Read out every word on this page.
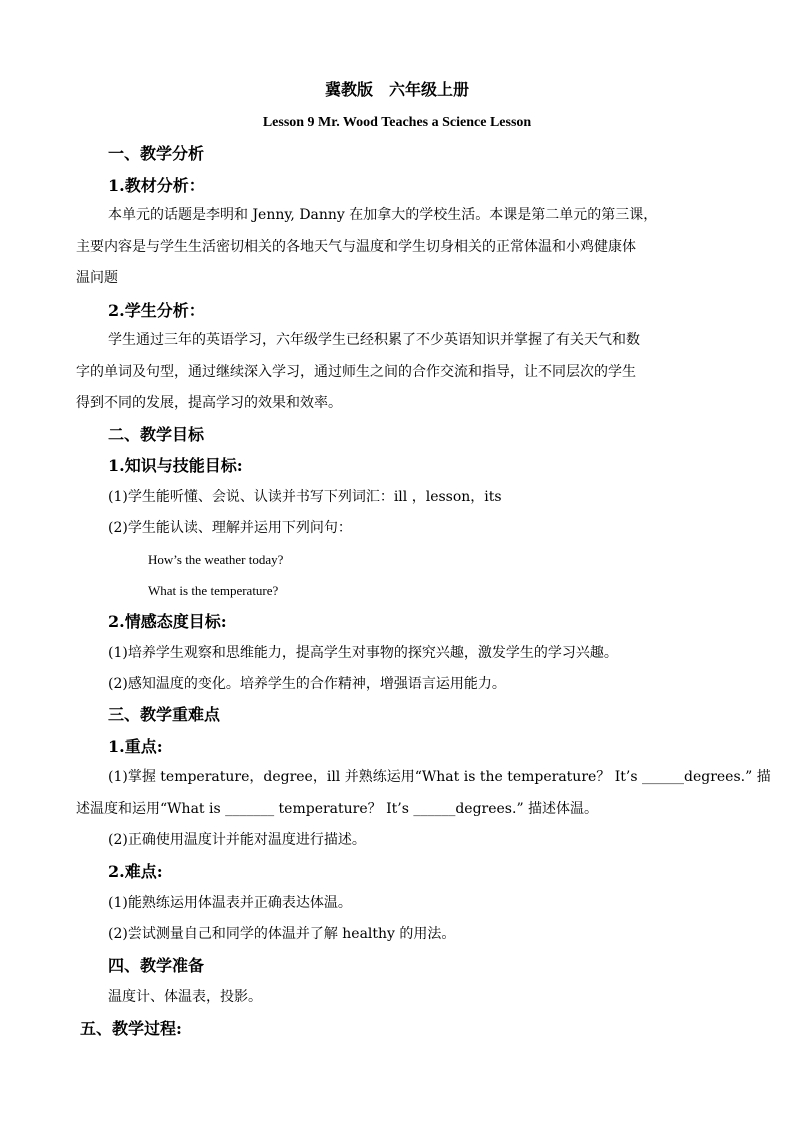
冀教版　六年级上册
Lesson 9 Mr. Wood Teaches a Science Lesson
一、教学分析
1.教材分析：
本单元的话题是李明和 Jenny, Danny 在加拿大的学校生活。本课是第二单元的第三课，
主要内容是与学生生活密切相关的各地天气与温度和学生切身相关的正常体温和小鸡健康体
温问题
2.学生分析：
学生通过三年的英语学习，六年级学生已经积累了不少英语知识并掌握了有关天气和数
字的单词及句型，通过继续深入学习，通过师生之间的合作交流和指导，让不同层次的学生
得到不同的发展，提高学习的效果和效率。
二、教学目标
1.知识与技能目标:
(1)学生能听懂、会说、认读并书写下列词汇：ill ，lesson，its
(2)学生能认读、理解并运用下列问句：
How’s the weather today?
What is the temperature?
2.情感态度目标:
(1)培养学生观察和思维能力，提高学生对事物的探究兴趣，激发学生的学习兴趣。
(2)感知温度的变化。培养学生的合作精神，增强语言运用能力。
三、教学重难点
1.重点:
(1)掌握 temperature，degree，ill 并熟练运用“What is the temperature？ It’s ______degrees.” 描
述温度和运用“What is _______ temperature？ It’s ______degrees.” 描述体温。
(2)正确使用温度计并能对温度进行描述。
2.难点:
(1)能熟练运用体温表并正确表达体温。
(2)尝试测量自己和同学的体温并了解 healthy 的用法。
四、教学准备
温度计、体温表，投影。
五、教学过程:
